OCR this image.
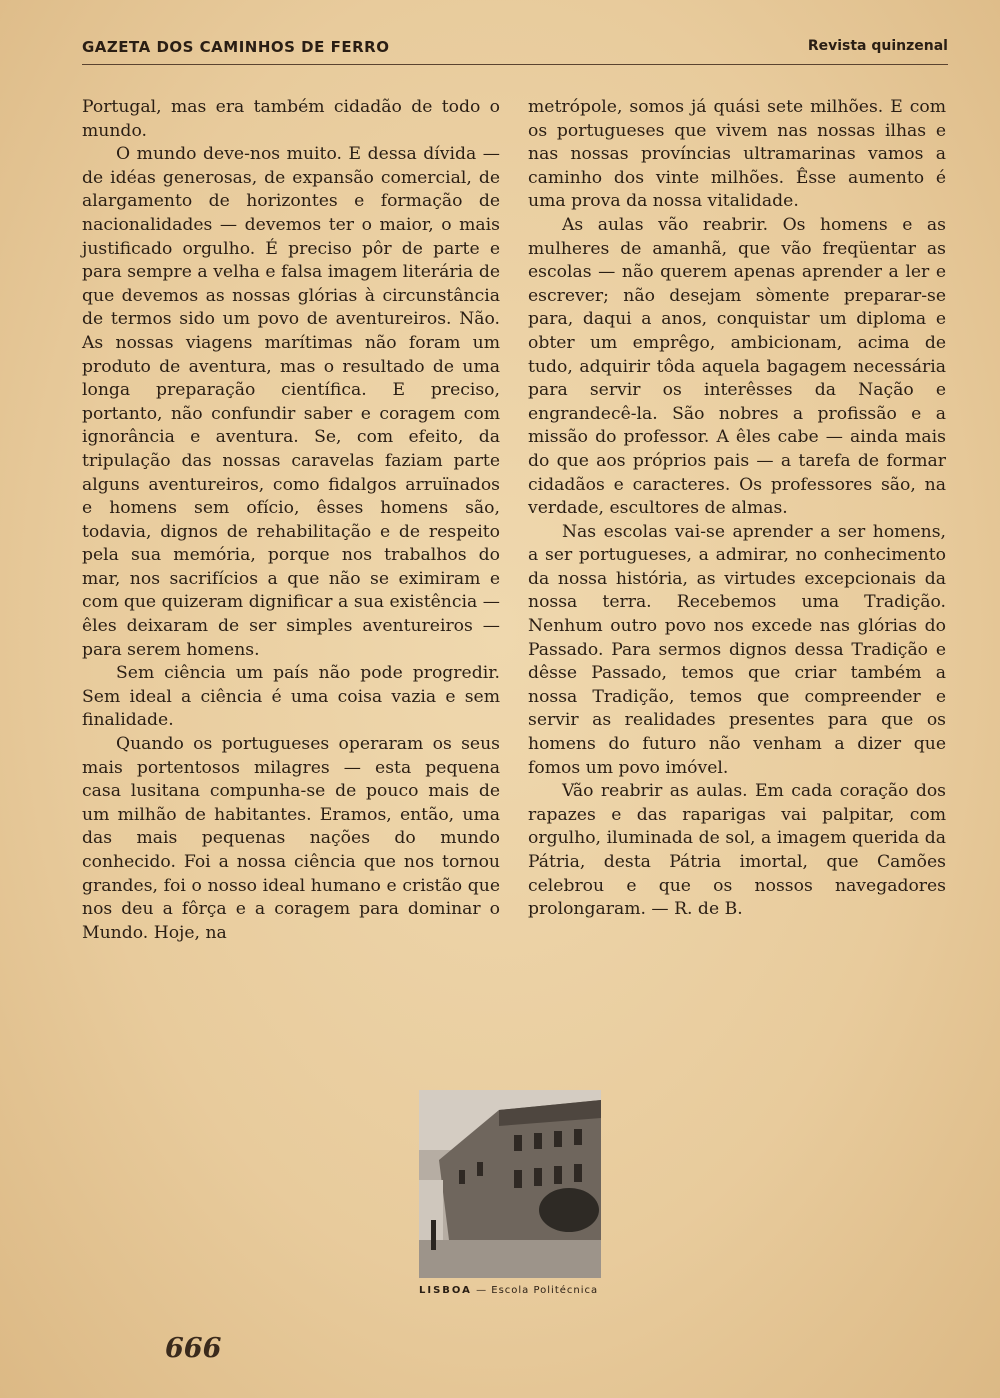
GAZETA DOS CAMINHOS DE FERRO	Revista quinzenal

Portugal, mas era também cidadão de todo o mundo.

O mundo deve-nos muito. E dessa dívida — de idéas generosas, de expansão comercial, de alargamento de horizontes e formação de nacionalidades — devemos ter o maior, o mais justificado orgulho. É preciso pôr de parte e para sempre a velha e falsa imagem literária de que devemos as nossas glórias à circunstância de termos sido um povo de aventureiros. Não. As nossas viagens marítimas não foram um produto de aventura, mas o resultado de uma longa preparação científica. E preciso, portanto, não confundir saber e coragem com ignorância e aventura. Se, com efeito, da tripulação das nossas caravelas faziam parte alguns aventureiros, como fidalgos arruïnados e homens sem ofício, êsses homens são, todavia, dignos de rehabilitação e de respeito pela sua memória, porque nos trabalhos do mar, nos sacrifícios a que não se eximiram e com que quizeram dignificar a sua existência — êles deixaram de ser simples aventureiros — para serem homens.

Sem ciência um país não pode progredir. Sem ideal a ciência é uma coisa vazia e sem finalidade.

Quando os portugueses operaram os seus mais portentosos milagres — esta pequena casa lusitana compunha-se de pouco mais de um milhão de habitantes. Eramos, então, uma das mais pequenas nações do mundo conhecido. Foi a nossa ciência que nos tornou grandes, foi o nosso ideal humano e cristão que nos deu a fôrça e a coragem para dominar o Mundo. Hoje, na

metrópole, somos já quási sete milhões. E com os portugueses que vivem nas nossas ilhas e nas nossas províncias ultramarinas vamos a caminho dos vinte milhões. Êsse aumento é uma prova da nossa vitalidade.

As aulas vão reabrir. Os homens e as mulheres de amanhã, que vão freqüentar as escolas — não querem apenas aprender a ler e escrever; não desejam sòmente preparar-se para, daqui a anos, conquistar um diploma e obter um emprêgo, ambicionam, acima de tudo, adquirir tôda aquela bagagem necessária para servir os interêsses da Nação e engrandecê-la. São nobres a profissão e a missão do professor. A êles cabe — ainda mais do que aos próprios pais — a tarefa de formar cidadãos e caracteres. Os professores são, na verdade, escultores de almas.

Nas escolas vai-se aprender a ser homens, a ser portugueses, a admirar, no conhecimento da nossa história, as virtudes excepcionais da nossa terra. Recebemos uma Tradição. Nenhum outro povo nos excede nas glórias do Passado. Para sermos dignos dessa Tradição e dêsse Passado, temos que criar também a nossa Tradição, temos que compreender e servir as realidades presentes para que os homens do futuro não venham a dizer que fomos um povo imóvel.

Vão reabrir as aulas. Em cada coração dos rapazes e das raparigas vai palpitar, com orgulho, iluminada de sol, a imagem querida da Pátria, desta Pátria imortal, que Camões celebrou e que os nossos navegadores prolongaram. — R. de B.

LISBOA — Escola Politécnica
666
